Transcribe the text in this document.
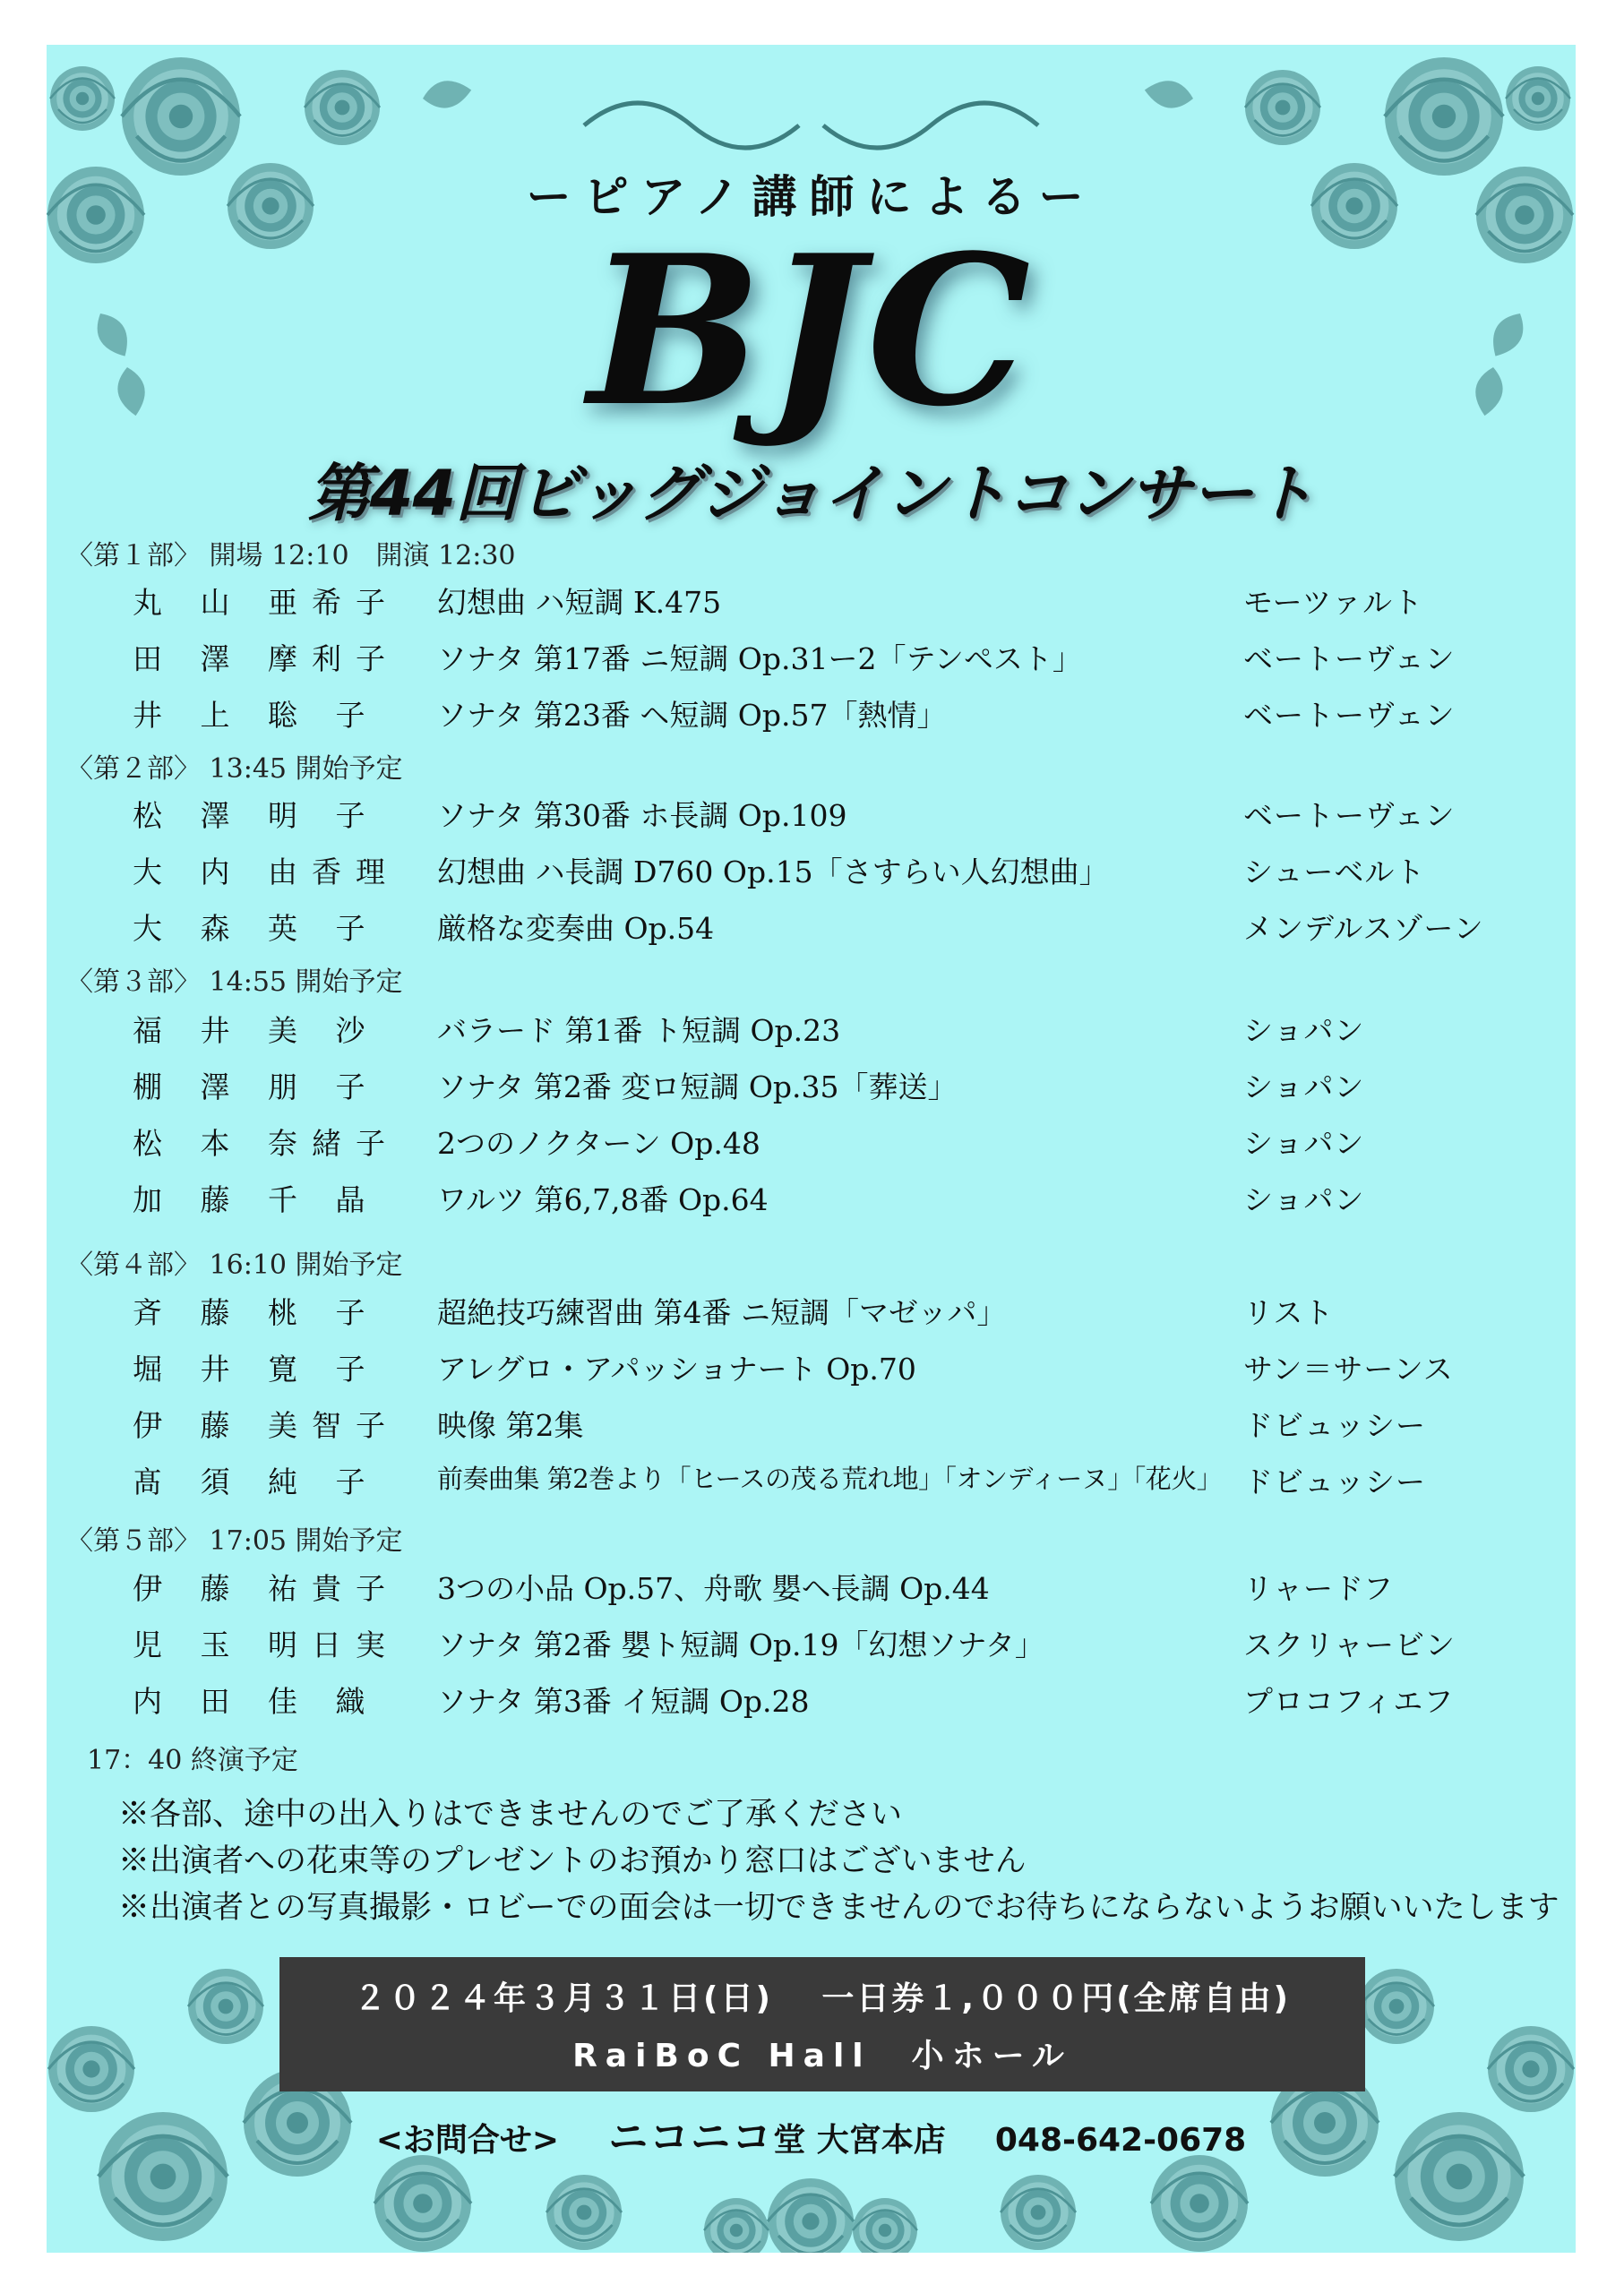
ーピアノ講師によるー
BJC
第44回ビッグジョイントコンサート
〈第１部〉 開場 12:10　開演 12:30
丸 山 亜希子 幻想曲 ハ短調 K.475	モーツァルト
田 澤 摩利子 ソナタ 第17番 ニ短調 Op.31ー2「テンペスト」	ベートーヴェン
井 上 聡 子 ソナタ 第23番 ヘ短調 Op.57「熱情」	ベートーヴェン
〈第２部〉 13:45 開始予定
松 澤 明 子 ソナタ 第30番 ホ長調 Op.109	ベートーヴェン
大 内 由香理 幻想曲 ハ長調 D760 Op.15「さすらい人幻想曲」	シューベルト
大 森 英 子 厳格な変奏曲 Op.54	メンデルスゾーン
〈第３部〉 14:55 開始予定
福 井 美 沙 バラード 第1番 ト短調 Op.23	ショパン
棚 澤 朋 子 ソナタ 第2番 変ロ短調 Op.35「葬送」	ショパン
松 本 奈緒子 2つのノクターン Op.48	ショパン
加 藤 千 晶 ワルツ 第6,7,8番 Op.64	ショパン
〈第４部〉 16:10 開始予定
斉 藤 桃 子 超絶技巧練習曲 第4番 ニ短調「マゼッパ」	リスト
堀 井 寛 子 アレグロ・アパッショナート Op.70	サン＝サーンス
伊 藤 美智子 映像 第2集	ドビュッシー
髙 須 純 子 前奏曲集 第2巻より「ヒースの茂る荒れ地」「オンディーヌ」「花火」 ドビュッシー
〈第５部〉 17:05 開始予定
伊 藤 祐貴子 3つの小品 Op.57、舟歌 嬰ヘ長調 Op.44	リャードフ
児 玉 明日実 ソナタ 第2番 嬰ト短調 Op.19「幻想ソナタ」	スクリャービン
内 田 佳 織 ソナタ 第3番 イ短調 Op.28	プロコフィエフ
17：40 終演予定
※各部、途中の出入りはできませんのでご了承ください
※出演者への花束等のプレゼントのお預かり窓口はございません
※出演者との写真撮影・ロビーでの面会は一切できませんのでお待ちにならないようお願いいたします
２０２４年３月３１日(日)　 一日券１,０００円(全席自由)
RaiBoC Hall　小ホール
<お問合せ> ニコニコ堂 大宮本店 048-642-0678
